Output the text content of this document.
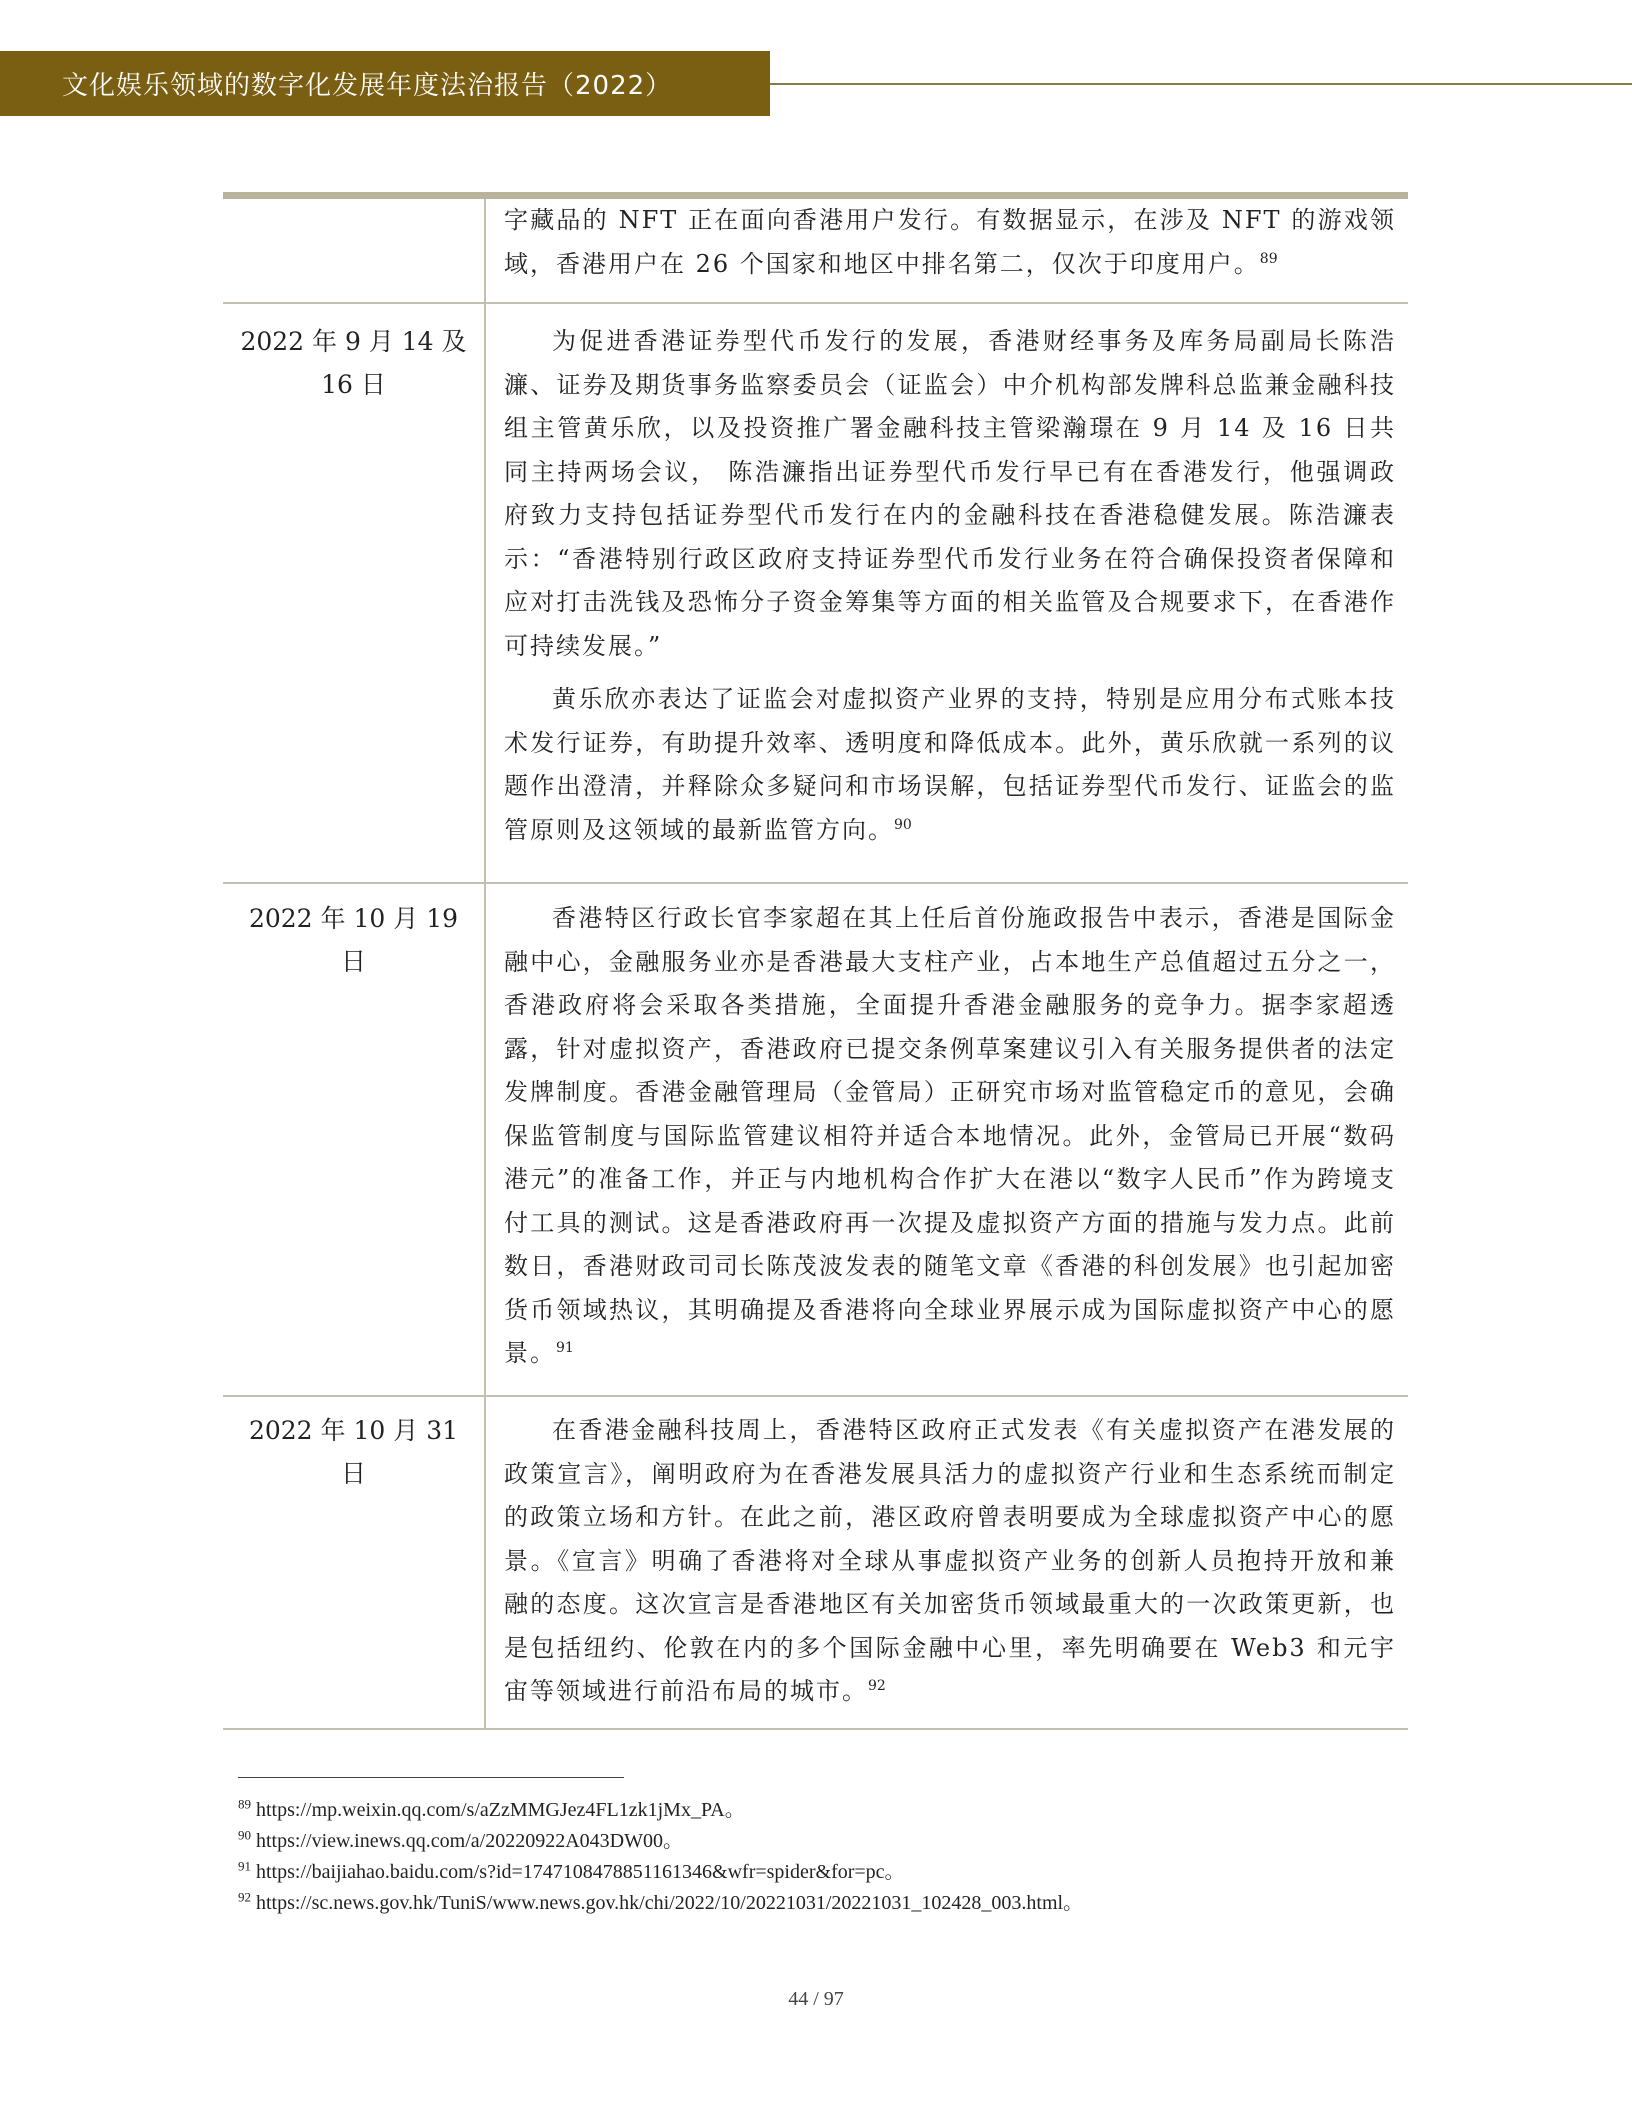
文化娱乐领域的数字化发展年度法治报告（2022）

字藏品的 NFT 正在面向香港用户发行。有数据显示，在涉及 NFT 的游戏领域，香港用户在 26 个国家和地区中排名第二，仅次于印度用户。$^{89}$

2022 年 9 月 14 及
16 日

为促进香港证券型代币发行的发展，香港财经事务及库务局副局长陈浩濂、证券及期货事务监察委员会（证监会）中介机构部发牌科总监兼金融科技组主管黄乐欣，以及投资推广署金融科技主管梁瀚璟在 9 月 14 及 16 日共同主持两场会议， 陈浩濂指出证券型代币发行早已有在香港发行，他强调政府致力支持包括证券型代币发行在内的金融科技在香港稳健发展。陈浩濂表示：“香港特别行政区政府支持证券型代币发行业务在符合确保投资者保障和应对打击洗钱及恐怖分子资金筹集等方面的相关监管及合规要求下，在香港作可持续发展。”

黄乐欣亦表达了证监会对虚拟资产业界的支持，特别是应用分布式账本技术发行证券，有助提升效率、透明度和降低成本。此外，黄乐欣就一系列的议题作出澄清，并释除众多疑问和市场误解，包括证券型代币发行、证监会的监管原则及这领域的最新监管方向。$^{90}$

2022 年 10 月 19 日

香港特区行政长官李家超在其上任后首份施政报告中表示，香港是国际金融中心，金融服务业亦是香港最大支柱产业，占本地生产总值超过五分之一，香港政府将会采取各类措施，全面提升香港金融服务的竞争力。据李家超透露，针对虚拟资产，香港政府已提交条例草案建议引入有关服务提供者的法定发牌制度。香港金融管理局（金管局）正研究市场对监管稳定币的意见，会确保监管制度与国际监管建议相符并适合本地情况。此外，金管局已开展“数码港元”的准备工作，并正与内地机构合作扩大在港以“数字人民币”作为跨境支付工具的测试。这是香港政府再一次提及虚拟资产方面的措施与发力点。此前数日，香港财政司司长陈茂波发表的随笔文章《香港的科创发展》也引起加密货币领域热议，其明确提及香港将向全球业界展示成为国际虚拟资产中心的愿景。$^{91}$

2022 年 10 月 31 日

在香港金融科技周上，香港特区政府正式发表《有关虚拟资产在港发展的政策宣言》，阐明政府为在香港发展具活力的虚拟资产行业和生态系统而制定的政策立场和方针。在此之前，港区政府曾表明要成为全球虚拟资产中心的愿景。《宣言》明确了香港将对全球从事虚拟资产业务的创新人员抱持开放和兼融的态度。这次宣言是香港地区有关加密货币领域最重大的一次政策更新，也是包括纽约、伦敦在内的多个国际金融中心里，率先明确要在 Web3 和元宇宙等领域进行前沿布局的城市。$^{92}$

$^{89}$ https://mp.weixin.qq.com/s/aZzMMGJez4FL1zk1jMx_PA。
$^{90}$ https://view.inews.qq.com/a/20220922A043DW00。
$^{91}$ https://baijiahao.baidu.com/s?id=1747108478851161346&wfr=spider&for=pc。
$^{92}$ https://sc.news.gov.hk/TuniS/www.news.gov.hk/chi/2022/10/20221031/20221031_102428_003.html。
44 / 97
